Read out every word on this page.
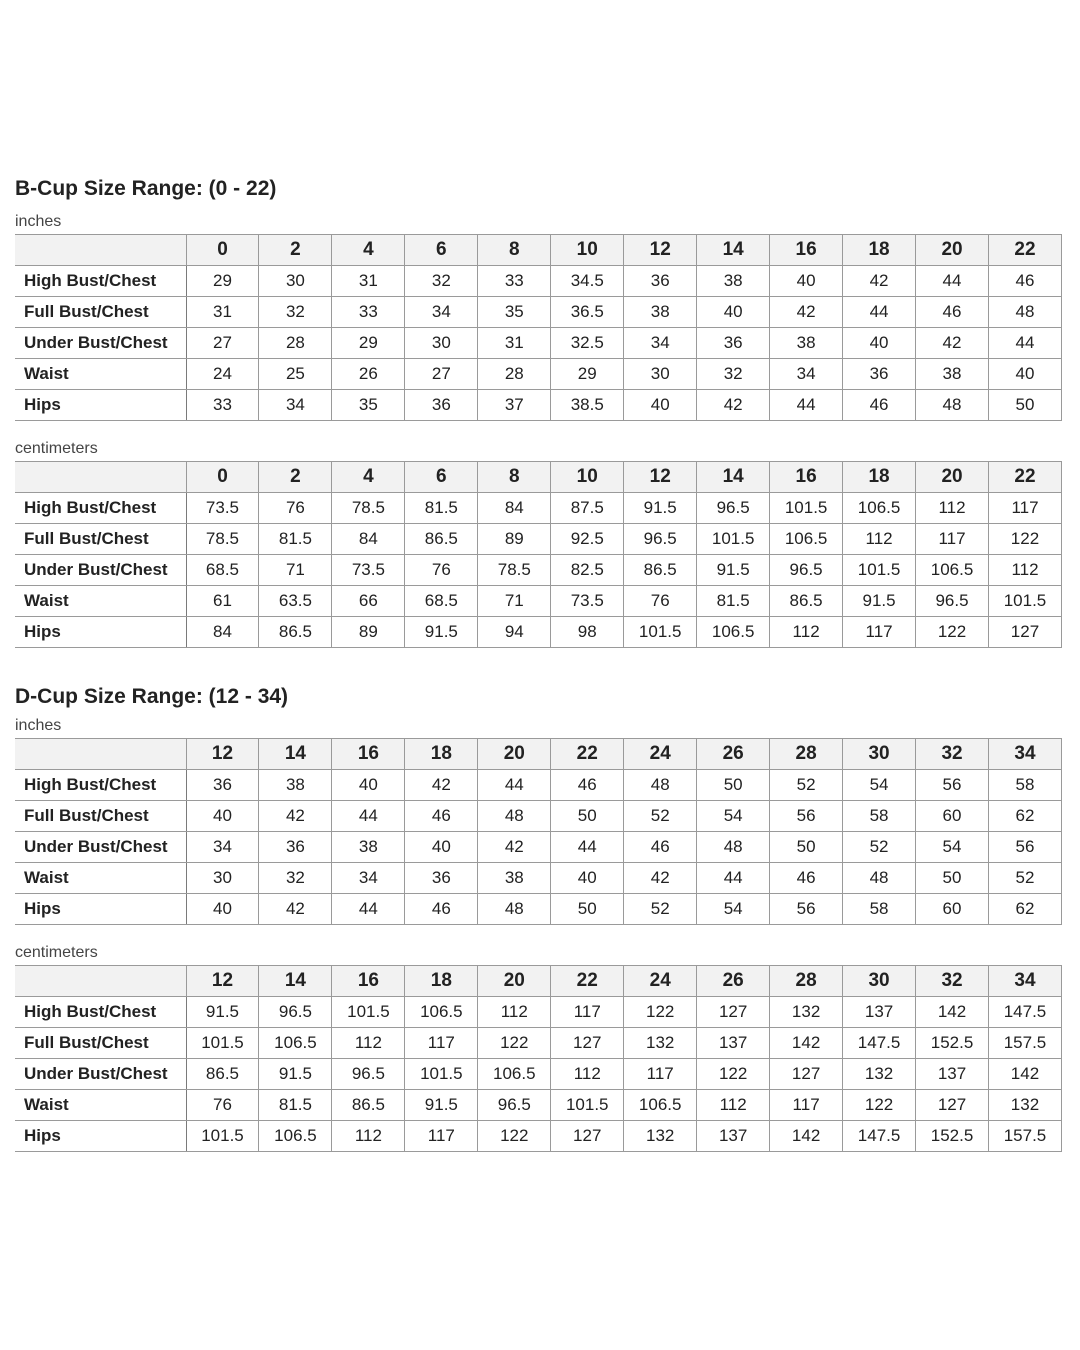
B-Cup Size Range: (0 - 22)
inches
	0	2	4	6	8	10	12	14	16	18	20	22
High Bust/Chest	29	30	31	32	33	34.5	36	38	40	42	44	46
Full Bust/Chest	31	32	33	34	35	36.5	38	40	42	44	46	48
Under Bust/Chest	27	28	29	30	31	32.5	34	36	38	40	42	44
Waist	24	25	26	27	28	29	30	32	34	36	38	40
Hips	33	34	35	36	37	38.5	40	42	44	46	48	50
centimeters
	0	2	4	6	8	10	12	14	16	18	20	22
High Bust/Chest	73.5	76	78.5	81.5	84	87.5	91.5	96.5	101.5	106.5	112	117
Full Bust/Chest	78.5	81.5	84	86.5	89	92.5	96.5	101.5	106.5	112	117	122
Under Bust/Chest	68.5	71	73.5	76	78.5	82.5	86.5	91.5	96.5	101.5	106.5	112
Waist	61	63.5	66	68.5	71	73.5	76	81.5	86.5	91.5	96.5	101.5
Hips	84	86.5	89	91.5	94	98	101.5	106.5	112	117	122	127
D-Cup Size Range: (12 - 34)
inches
	12	14	16	18	20	22	24	26	28	30	32	34
High Bust/Chest	36	38	40	42	44	46	48	50	52	54	56	58
Full Bust/Chest	40	42	44	46	48	50	52	54	56	58	60	62
Under Bust/Chest	34	36	38	40	42	44	46	48	50	52	54	56
Waist	30	32	34	36	38	40	42	44	46	48	50	52
Hips	40	42	44	46	48	50	52	54	56	58	60	62
centimeters
	12	14	16	18	20	22	24	26	28	30	32	34
High Bust/Chest	91.5	96.5	101.5	106.5	112	117	122	127	132	137	142	147.5
Full Bust/Chest	101.5	106.5	112	117	122	127	132	137	142	147.5	152.5	157.5
Under Bust/Chest	86.5	91.5	96.5	101.5	106.5	112	117	122	127	132	137	142
Waist	76	81.5	86.5	91.5	96.5	101.5	106.5	112	117	122	127	132
Hips	101.5	106.5	112	117	122	127	132	137	142	147.5	152.5	157.5
